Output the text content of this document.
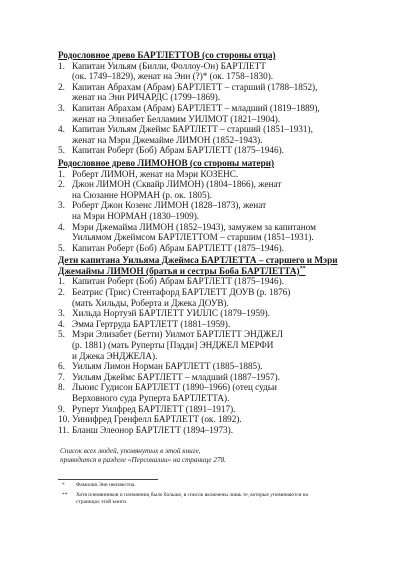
Родословное древо БАРТЛЕТТОВ (со стороны отца)
1. Капитан Уильям (Билли, Фоллоу-Он) БАРТЛЕТТ
(ок. 1749–1829), женат на Энн (?)* (ок. 1758–1830).
2. Капитан Абрахам (Абрам) БАРТЛЕТТ – старший (1788–1852),
женат на Энн РИЧАРДС (1799–1869).
3. Капитан Абрахам (Абрам) БАРТЛЕТТ – младший (1819–1889),
женат на Элизабет Белламим УИЛМОТ (1821–1904).
4. Капитан Уильям Джеймс БАРТЛЕТТ – старший (1851–1931),
женат на Мэри Джемайме ЛИМОН (1852–1943).
5. Капитан Роберт (Боб) Абрам БАРТЛЕТТ (1875–1946).
Родословное древо ЛИМОНОВ (со стороны матери)
1. Роберт ЛИМОН, женат на Мэри КОЗЕНС.
2. Джон ЛИМОН (Сквайр ЛИМОН) (1804–1866), женат
на Сюзанне НОРМАН (р. ок. 1805).
3. Роберт Джон Козенс ЛИМОН (1828–1873), женат
на Мэри НОРМАН (1830–1909).
4. Мэри Джемайма ЛИМОН (1852–1943), замужем за капитаном
Уильямом Джеймсом БАРТЛЕТТОМ – старшим (1851–1931).
5. Капитан Роберт (Боб) Абрам БАРТЛЕТТ (1875–1946).
Дети капитана Уильяма Джеймса БАРТЛЕТТА – старшего и Мэри Джемаймы ЛИМОН (братья и сестры Боба БАРТЛЕТТА)**
1. Капитан Роберт (Боб) Абрам БАРТЛЕТТ (1875–1946).
2. Беатрис (Трис) Стентафорд БАРТЛЕТТ ДОУВ (р. 1876)
(мать Хильды, Роберта и Джека ДОУВ).
3. Хильда Нортуэй БАРТЛЕТТ УИЛЛС (1879–1959).
4. Эмма Гертруда БАРТЛЕТТ (1881–1959).
5. Мэри Элизабет (Бетти) Уилмот БАРТЛЕТТ ЭНДЖЕЛ
(р. 1881) (мать Руперты [Пэдди] ЭНДЖЕЛ МЕРФИ
и Джека ЭНДЖЕЛА).
6. Уильям Лимон Норман БАРТЛЕТТ (1885–1885).
7. Уильям Джеймс БАРТЛЕТТ – младший (1887–1957).
8. Льюис Гудисон БАРТЛЕТТ (1890–1966) (отец судьи
Верховного суда Руперта БАРТЛЕТТА).
9. Руперт Уилфред БАРТЛЕТТ (1891–1917).
10. Уинифред Гренфелл БАРТЛЕТТ (ок. 1892).
11. Бланш Элеонор БАРТЛЕТТ (1894–1973).
Список всех людей, упомянутых в этой книге,
приводится в разделе «Персоналии» на странице 278.
* Фамилия Энн неизвестна.
** Хотя племянников и племянниц было больше, в список включены лишь те, которые упоминаются на
страницах этой книги.
